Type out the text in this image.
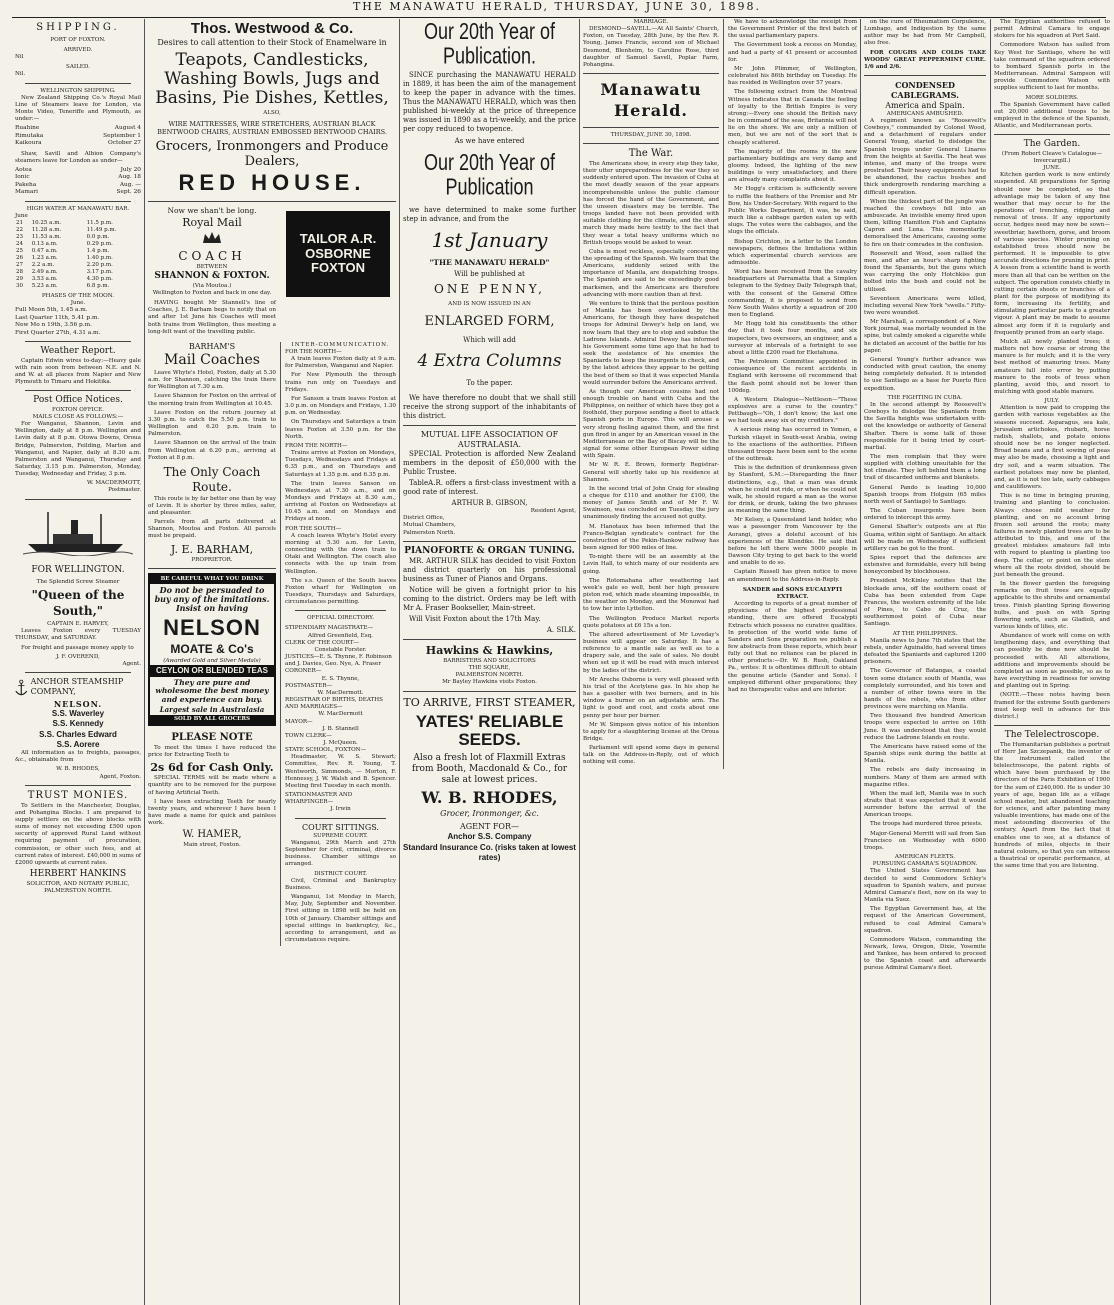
THE MANAWATU HERALD, THURSDAY, JUNE 30, 1898.
SHIPPING.
PORT OF FOXTON.
ARRIVED.
Nil
SAILED.
Nil.
WELLINGTON SHIPPING.
New Zealand Shipping Co.'s Royal Mail Line of Steamers leave for London, via Monte Video, Teneriffe and Plymouth, as under:—
Ruahine	August 4
Rimutaka	September 1
Kaikoura	October 27
Shaw, Savill and Albion Company's steamers leave for London as under—
Aotea	July 20
Ionic	Aug. 18
Pakeha	Aug. —
Mamari	Sept. 26
HIGH WATER AT MANAWATU BAR.
June
21	10.25 a.m.	11.5 p.m.
22	11.28 a.m.	11.49 p.m.
23	11.53 a.m.	0.0 p.m.
24	0.13 a.m.	0.29 p.m.
25	0.47 a.m.	1.4 p.m.
26	1.23 a.m.	1.40 p.m.
27	2.2 a.m.	2.20 p.m.
28	2.49 a.m.	3.17 p.m.
29	3.53 a.m.	4.30 p.m.
30	5.23 a.m.	6.8 p.m.
PHASES OF THE MOON.
June.
Full Moon 5th, 1.45 a.m.
Last Quarter 11th, 5.41 p.m.
New Mo n 19th, 3.56 p.m.
First Quarter 27th, 4.31 a.m.
Weather Report.
Captain Edwin wires to-day:—Heavy gale with rain soon from between N.E. and N. and W. at all places from Napier and New Plymouth to Timaru and Hokitika.
Post Office Notices.
FOXTON OFFICE.
MAILS CLOSE AS FOLLOWS:—
For Wanganui, Shannon, Levin and Wellington, daily at 8 p.m. Wellington and Levin daily at 8 p.m. Otowa Downs, Oroua Bridge, Palmerston, Feilding, Marton and Wanganui, and Napier, daily at 8.30 a.m. Palmerston and Wanganui, Thursday and Saturday, 3.15 p.m. Palmerston, Monday, Tuesday, Wednesday and Friday, 3 p.m.
W. MACDERMOTT,
Postmaster.
FOR WELLINGTON.
The Splendid Screw Steamer
"Queen of the South,"
CAPTAIN E. HARVEY,
Leaves Foxton every TUESDAY THURSDAY, and SATURDAY.
For freight and passage money apply to
J. F. OVEREND,
Agent.
ANCHOR STEAMSHIP COMPANY,
NELSON.
S.S. Waverley
S.S. Kennedy
S.S. Charles Edward
S.S. Aorere
All information as to freights, passages, &c., obtainable from
W. B. RHODES,
Agent, Foxton.
TRUST MONIES.
To Settlers in the Manchester, Douglas, and Pohangina Blocks. I am prepared to supply settlers on the above blocks with sums of money not exceeding £500 upon security of approved Rural Land without requiring payment of procuration, commission, or other such fees, and at current rates of interest. £40,000 in sums of £2000 upwards at current rates.
HERBERT HANKINS
SOLICITOR, AND NOTARY PUBLIC, PALMERSTON NORTH.
Thos. Westwood & Co.
Desires to call attention to their Stock of Enamelware in
Teapots, Candlesticks, Washing Bowls, Jugs and Basins, Pie Dishes, Kettles,
ALSO,
WIRE MATTRESSES, WIRE STRETCHERS, AUSTRIAN BLACK BENTWOOD CHAIRS, AUSTRIAN EMBOSSED BENTWOOD CHAIRS.
Grocers, Ironmongers and Produce Dealers,
RED HOUSE.
Now we shan't be long.
Royal Mail
COACH
BETWEEN
SHANNON & FOXTON.
(Via Moutoa.)
Wellington to Foxton and back in one day.
HAVING bought Mr Stannell's line of Coaches, J. E. Barham begs to notify that on and after 1st June his Coaches will meet both trains from Wellington, thus meeting a long-felt want of the travelling public.
TAILOR A.R. OSBORNE FOXTON
BARHAM'S
Mail Coaches
Leave Whyte's Hotel, Foxton, daily at 5.30 a.m. for Shannon, catching the train there for Wellington at 7.30 a.m.
Leave Shannon for Foxton on the arrival of the morning train from Wellington at 10.45.
Leave Foxton on the return journey at 3.30 p.m. to catch the 5.50 p.m. train to Wellington and 6.20 p.m. train to Palmerston.
Leave Shannon on the arrival of the train from Wellington at 6.20 p.m., arriving at Foxton at 8 p.m.
The Only Coach Route.
This route is by far better one than by way of Levin. It is shorter by three miles, safer, and pleasanter.
Parcels from all parts delivered at Shannon, Moutoa and Foxton. All parcels must be prepaid.
J. E. BARHAM,
PROPRIETOR.
BE CAREFUL WHAT YOU DRINK
Do not be persuaded to buy any of the imitations. Insist on having
NELSON
MOATE & Co's
(Awarded Gold and Silver Medals)
CEYLON OR BLENDED TEAS
They are pure and wholesome the best money and experience can buy.
Largest sale in Australasia
SOLD BY ALL GROCERS
PLEASE NOTE
To meet the times I have reduced the price for Extracting Teeth to
2s 6d for Cash Only.
SPECIAL TERMS will be made where a quantity are to be removed for the purpose of having Artificial Teeth.
I have been extracting Teeth for nearly twenty years, and wherever I have been I have made a name for quick and painless work.
W. HAMER,
Main street, Foxton.
INTER-COMMUNICATION.
FOR THE NORTH—
A train leaves Foxton daily at 9 a.m. for Palmerston, Wanganui and Napier.
For New Plymouth the through trains run only on Tuesdays and Fridays.
For Sanson a train leaves Foxton at 3.0 p.m. on Mondays and Fridays, 1.30 p.m. on Wednesday.
On Thursdays and Saturdays a train leaves Foxton at 3.50 p.m. for the North.
FROM THE NORTH—
Trains arrive at Foxton on Mondays, Tuesdays, Wednesdays and Fridays at 6.35 p.m., and on Thursdays and Saturdays at 1.35 p.m. and 6.35 p.m.
The train leaves Sanson on Wednesdays at 7.30 a.m., and on Mondays and Fridays at 8.30 a.m., arriving at Foxton on Wednesdays at 10.45 a.m. and on Mondays and Fridays at noon.
FOR THE SOUTH—
A coach leaves Whyte's Hotel every morning at 5.30 a.m. for Levin, connecting with the down train to Otaki and Wellington. The coach also connects with the up train from Wellington.
The s.s. Queen of the South leaves Foxton wharf for Wellington on Tuesdays, Thursdays and Saturdays, circumstances permitting.
OFFICIAL DIRECTORY.
STIPENDIARY MAGISTRATE—
Alfred Greenfield, Esq.
CLERK OF THE COURT—
Constable Forster.
JUSTICES—E. S. Thynne, F. Robinson and J. Davies, Geo. Nye, A. Fraser
CORONER—
E. S. Thynne,
POSTMASTER—
W. MacDermott.
REGISTRAR OF BIRTHS, DEATHS AND MARRIAGES—
W. MacDermott
MAYOR—
J. B. Stannell
TOWN CLERK—
J. McQueen.
STATE SCHOOL, FOXTON—
Headmaster, W. S. Stewart; Committee, Rev. R. Young, T. Wentworth, Simmonds, — Morton, F. Hennessy, J. W. Walsh and B. Spencer. Meeting first Tuesday in each month.
STATIONMASTER AND WHARFINGER—
J. Irwin
COURT SITTINGS.
SUPREME COURT.
Wanganui, 29th March and 27th September for civil, criminal, divorce business. Chamber sittings so arranged.
DISTRICT COURT.
Civil, Criminal and Bankruptcy Business.
Wanganui, 1st Monday in March, May, July, September and November. First sitting in 1898 will be held on 10th of January. Chamber sittings and special sittings in bankruptcy, &c., according to arrangement, and as circumstances require.
Our 20th Year of Publication.
SINCE purchasing the MANAWATU HERALD in 1889, it has been the aim of the management to keep the paper in advance with the times. Thus the MANAWATU HERALD, which was then published bi-weekly at the price of threepence was issued in 1890 as a tri-weekly, and the price per copy reduced to twopence.
As we have entered
Our 20th Year of Publication
we have determined to make some further step in advance, and from the
1st January
"THE MANAWATU HERALD"
Will be published at
ONE PENNY,
AND IS NOW ISSUED IN AN
ENLARGED FORM,
Which will add
4 Extra Columns
To the paper.
We have therefore no doubt that we shall still receive the strong support of the inhabitants of this district.
MUTUAL LIFE ASSOCIATION OF AUSTRALASIA.
SPECIAL Protection is afforded New Zealand members in the deposit of £50,000 with the Public Trustee.
TableA.R. offers a first-class investment with a good rate of interest.
ARTHUR B. GIBSON,
Resident Agent,
District Office,
Mutual Chambers,
Palmerston North.
PIANOFORTE & ORGAN TUNING.
MR. ARTHUR SILK has decided to visit Foxton and district quarterly on his professional business as Tuner of Pianos and Organs.
Notice will be given a fortnight prior to his coming to the district. Orders may be left with Mr A. Fraser Bookseller, Main-street.
Will Visit Foxton about the 17th May.
A. SILK.
Hawkins & Hawkins,
BARRISTERS AND SOLICITORS
THE SQUARE,
PALMERSTON NORTH.
Mr Bayley Hawkins visits Foxton.
TO ARRIVE, FIRST STEAMER,
YATES' RELIABLE SEEDS.
Also a fresh lot of Flaxmill Extras from Booth, Macdonald & Co., for sale at lowest prices.
W. B. RHODES,
Grocer, Ironmonger, &c.
AGENT FOR—
Anchor S.S. Company
Standard Insurance Co. (risks taken at lowest rates)
MARRIAGE.
DESMOND—SAVELL.—At All Saints' Church, Foxton, on Tuesday, 28th June, by the Rev. R. Young, James Francis, second son of Michael Desmond, Blenheim, to Caroline Rose, third daughter of Samuel Savell, Poplar Farm, Pohangina.
Manawatu Herald.
THURSDAY, JUNE 30, 1898.
The War.

The Americans show, in every step they take, their utter unpreparedness for the war they so suddenly entered upon. The invasion of Cuba at the most deadly season of the year appears incomprehensible unless the public clamour has forced the hand of the Government, and the unseen disasters may be terrible. The troops landed have not been provided with suitable clothing for the climate, and the short march they made here testify to the fact that they wear a total heavy uniforms which no British troops would be asked to wear.

Cuba is most reckless, especially concerning the spreading of the Spanish. We learn that the Americans, suddenly seized with the importance of Manila, are despatching troops. The Spanish are said to be exceedingly good marksmen, and the Americans are therefore advancing with more caution than at first.

We venture to think that the perilous position of Manila has been overlooked by the Americans, for though they have despatched troops for Admiral Dewey's help on land, we now learn that they are to stop and subdue the Ladrone Islands. Admiral Dewey has informed his Government some time ago that he had to seek the assistance of his enemies the Spaniards to keep the insurgents in check, and by the latest advices they appear to be getting the best of them so that it was expected Manila would surrender before the Americans arrived.

As though our American cousins had not enough trouble on hand with Cuba and the Philippines, on neither of which have they got a foothold, they purpose sending a fleet to attack Spanish ports in Europe. This will arouse a very strong feeling against them, and the first gun fired in anger by an American vessel in the Mediterranean or the Bay of Biscay will be the signal for some other European Power siding with Spain.

Mr W. R. E. Brown, formerly Registrar-General will shortly take up his residence at Shannon.

In the second trial of John Craig for stealing a cheque for £110 and another for £100, the money of James Smith and of Mr F. W. Swainson, was concluded on Tuesday, the jury unanimously finding the accused not guilty.

M. Hanotaux has been informed that the Franco-Belgian syndicate's contract for the construction of the Pekin-Hankow railway has been signed for 900 miles of line.

To-night there will be an assembly at the Levin Hall, to which many of our residents are going.

The Rotomahana after weathering last week's gale so well, bent her high pressure piston rod, which made steaming impossible, in the weather on Monday, and the Monowai had to tow her into Lyttelton.

The Wellington Produce Market reports quote potatoes at £6 15s a ton.

The altered advertisement of Mr Loveday's business will appear on Saturday. It has a reference to a mantle sale as well as to a drapery sale, and the sale of sales. No doubt when set up it will be read with much interest by the ladies of the district.

Mr Areche Osborne is very well pleased with his trial of the Acetylene gas. In his shop he has a gasolier with two burners, and in his window a burner on an adjustable arm. The light is good and cool, and costs about one penny per hour per burner.

Mr W. Simpson gives notice of his intention to apply for a slaughtering license at the Oroua Bridge.

Parliament will spend some days in general talk on the Address-in-Reply, out of which nothing will come.

We have to acknowledge the receipt from the Government Printer of the first batch of the usual parliamentary papers.

The Government took a recess on Monday, and had a party of 41 present or accounted for.

Mr John Plimmer, of Wellington, celebrated his 86th birthday on Tuesday. He has resided in Wellington over 57 years.

The following extract from the Montreal Witness indicates that in Canada the feeling of loyalty to the British Empire is very strong:—Every one should the British navy be in command of the seas, Britannia will not lie on the shore. We are only a million of men, but we are not of the sort that is cheaply scattered.

The majority of the rooms in the new parliamentary buildings are very damp and gloomy. Indeed, the lighting of the new buildings is very unsatisfactory, and there are already many complaints about it.

Mr Hogg's criticism is sufficiently severe to ruffle the feathers of the Premier and Mr Bow, his Under-Secretary. With regard to the Public Works Department, it was, he said, much like a cabbage garden eaten up with slugs. The votes were the cabbages, and the slugs the officials.

Bishop Crichton, in a letter to the London newspapers, defines the limitations within which experimental church services are admissible.

Word has been received from the cavalry headquarters at Parramatta that a Simplon telegram to the Sydney Daily Telegraph that, with the consent of the General Office commanding, it is proposed to send from New South Wales shortly a squadron of 200 men to England.

Mr Hogg told his constituents the other day that it took four months, and six inspectors, two overseers, an engineer, and a surveyor at intervals of a fortnight to see about a little £200 road for Eketahuna.

The Petroleum Committee appointed in consequence of the recent accidents in England with kerosene oil recommend that the flash point should not be lower than 100deg.

A Western Dialogue—Nettleson—"These explosives are a curse to the country." Pettbaugh—"Oh, I don't know; the last one we had took away six of my creditors."

A serious rising has occurred in Yemen, a Turkish vilayet in South-west Arabia, owing to the exactions of the authorities. Fifteen thousand troops have been sent to the scene of the outbreak.

This is the definition of drunkenness given by Stanford, S.M.:—Disregarding the finer distinctions, e.g., that a man was drunk when he could not ride, or when he could not walk, he should regard a man as the worse for drink, or drunk, taking the two phrases as meaning the same thing.

Mr Kelsey, a Queensland land holder, who was a passenger from Vancouver by the Aorangi, gives a doleful account of his experiences of the Klondike. He said that before he left there were 5000 people in Dawson City trying to get back to the world and unable to do so.

Captain Russell has given notice to move an amendment to the Address-in-Reply.

SANDER and SONS EUCALYPTI EXTRACT.

According to reports of a great number of physicians of the highest professional standing, there are offered Eucalypti Extracts which possess no curative qualities. In protection of the world wide fame of Sanders and Sons preparation we publish a few abstracts from these reports, which bear fully out that no reliance can be placed in other products:—Dr. W. B. Rush, Oakland Pa., writes: It is oftentimes difficult to obtain the genuine article (Sander and Sons). I employed different other preparations; they had no therapeutic value and are inferior.

on the cure of Rheumatism Corpulence, Lumbago, and Indigestion by the same author may be had from Mr Campbell, also free.

FOR COUGHS AND COLDS TAKE WOODS' GREAT PEPPERMINT CURE. 1/6 and 2/6.

CONDENSED CABLEGRAMS.
America and Spain.
AMERICANS AMBUSHED.

A regiment known as "Roosevelt's Cowboys," commanded by Colonel Wood, and a detachment of regulars under General Young, started to dislodge the Spanish troops under General Linares from the heights at Savilla. The heat was intense, and many of the troops were prostrated. Their heavy equipments had to be abandoned, the cactus bushes and thick undergrowth rendering marching a difficult operation.

When the thickest part of the jungle was reached the cowboys fell into an ambuscade. An invisible enemy fired upon them, killing Hamilton Fish and Captains Capron and Luna. This momentarily demoralised the Americans, causing some to fire on their comrades in the confusion.

Roosevelt and Wood, soon rallied the men, and after an hour's sharp fighting found the Spaniards, but the guns which was carrying the only Hotchkiss gun bolted into the bush and could not be utilised.

Seventeen Americans were killed, including several New York "swells." Fifty-two were wounded.

Mr Marshall, a correspondent of a New York journal, was mortally wounded in the spine, but calmly smoked a cigarette while he dictated an account of the battle for his paper.

General Young's further advance was conducted with great caution, the enemy being completely defeated. It is intended to use Santiago as a base for Puerto Rico expedition.

THE FIGHTING IN CUBA.

In the second attempt by Roosevelt's Cowboys to dislodge the Spaniards from the Savilla heights was undertaken with-out the knowledge or authority of General Shafter. There is some talk of those responsible for it being tried by court-martial.

The men complain that they were supplied with clothing unsuitable for the hot climate. They left behind them a long trail of discarded uniforms and blankets.

General Pando is leading 10,000 Spanish troops from Holguin (65 miles north west of Santiago) to Santiago.

The Cuban insurgents have been ordered to intercept this army.

General Shafter's outposts are at Rio Guama, within sight of Santiago. An attack will be made on Wednesday if sufficient artillery can be got to the front.

Spies report that the defences are extensive and formidable, every hill being honeycombed by blockhouses.

President McKinley notifies that the blockade area, off the southern coast of Cuba has been extended from Cape Frances, the western extremity of the Isle of Pines, to Cabo de Cruz, the southernmost point of Cuba near Santiago.

AT THE PHILIPPINES.

Manila news to June 7th states that the rebels, under Aguinaldo, had several times defeated the Spaniards and captured 1200 prisoners.

The Governor of Batangas, a coastal town some distance south of Manila, was completely surrounded, and his town and a number of other towns were in the hands of the rebels, who from other provinces were marching on Manila.

Two thousand five hundred American troops were expected to arrive on 16th June. It was understood that they would reduce the Ladrone Islands en route.

The Americans have raised some of the Spanish ships sunk during the battle at Manila.

The rebels are daily increasing in numbers. Many of them are armed with magazine rifles.

When the mail left, Manila was in such straits that it was expected that it would surrender before the arrival of the American troops.

The troops had murdered three priests.

Major-General Merritt will sail from San Francisco on Wednesday with 6000 troops.

AMERICAN FLEETS.
PURSUING CAMARA'S SQUADRON.

The United States Government has decided to send Commodore Schley's squadron to Spanish waters, and pursue Admiral Camara's fleet, now on its way to Manila via Suez.

The Egyptian Government has, at the request of the American Government, refused to coal Admiral Camara's squadron.

Commodore Watson, commanding the Newark, Iowa, Oregon, Dixie, Yosemite and Yankee, has been ordered to proceed to the Spanish coast and afterwards pursue Admiral Camara's fleet.

The Egyptian authorities refused to permit Admiral Camara to engage stokers for his squadron at Port Said.

Commodore Watson has sailed from Key West for Santiago, where he will take command of the squadron ordered to bombard Spanish ports in the Mediterranean. Admiral Sampson will provide Commodore Watson with supplies sufficient to last for months.

MORE SOLDIERS.

The Spanish Government have called out 20,000 additional troops to be employed in the defence of the Spanish, Atlantic, and Mediterranean ports.

The Garden.
(From Robert Cleave's Catalogue—Invercargill.)
JUNE.

Kitchen garden work is now entirely suspended. All preparations for Spring should now be completed, so that advantage may be taken of any fine weather that may occur to for the operations of trenching, ridging and removal of trees. If any opportunity occur, hedges need may now be sown—sweetbriar, hawthorn, gorse, and broom of various species. Winter pruning on established trees should now be performed. It is impossible to give accurate directions for pruning in print. A lesson from a scientific hand is worth more than all that can be written on the subject. The operation consists chiefly in cutting certain shoots or branches of a plant for the purpose of modifying its form, increasing its fertility, and stimulating particular parts to a greater vigour. A plant may be made to assume almost any form if it is regularly and frequently pruned from an early stage.

Mulch all newly planted trees; it matters not how coarse or strong the manure is for mulch; and it is the very best method of manuring trees. Many amateurs fall into error by putting manure to the roots of trees when planting, avoid this, and resort to mulching with good stable manure.

JULY.

Attention is now paid to cropping the garden with various vegetables as the seasons succeed. Asparagus, sea kale, Jerusalem artichokes, rhubarb, horse radish, shallots, and potato onions should now be no longer neglected. Broad beans and a first sowing of peas may also be made, choosing a light and dry soil, and a warm situation. The earliest potatoes may now be planted, and, as it is not too late, early cabbages and cauliflowers.

This is no time in bringing pruning, training and planting to conclusion. Always choose mild weather for planting, and on no account bring frozen soil around the roots; many failures in newly planted trees are to be attributed to this, and one of the greatest mistakes amateurs fall into with regard to planting is planting too deep. The collar, or point on the stem where all the roots divided, should be just beneath the ground.

In the flower garden the foregoing remarks on fruit trees are equally applicable to the shrubs and ornamental trees. Finish planting Spring flowering bulbs, and push on with Spring flowering sorts, such as Gladioli, and various kinds of lilies, etc.

Abundance of work will come on with lengthening days, and everything that can possibly be done now should be proceeded with. All alterations, additions and improvements should be completed as soon as possible, so as to have everything in readiness for sowing and planting out in Spring.

(NOTE.—These notes having been framed for the extreme South gardeners must keep well in advance for this district.)

The Telelectroscope.

The Humanitarian publishes a portrait of Herr Jan Szczepanik, the inventor of the instrument called the telelectroscope, the patent rights of which have been purchased by the directors of the Paris Exhibition of 1900 for the sum of £240,000. He is under 30 years of age, began life as a village school master, but abandoned teaching for science, and after patenting many valuable inventions, has made one of the most astounding discoveries of the century. Apart from the fact that it enables one to see, at a distance of hundreds of miles, objects in their natural colours, so that you can witness a theatrical or operatic performance, at the same time that you are listening.
